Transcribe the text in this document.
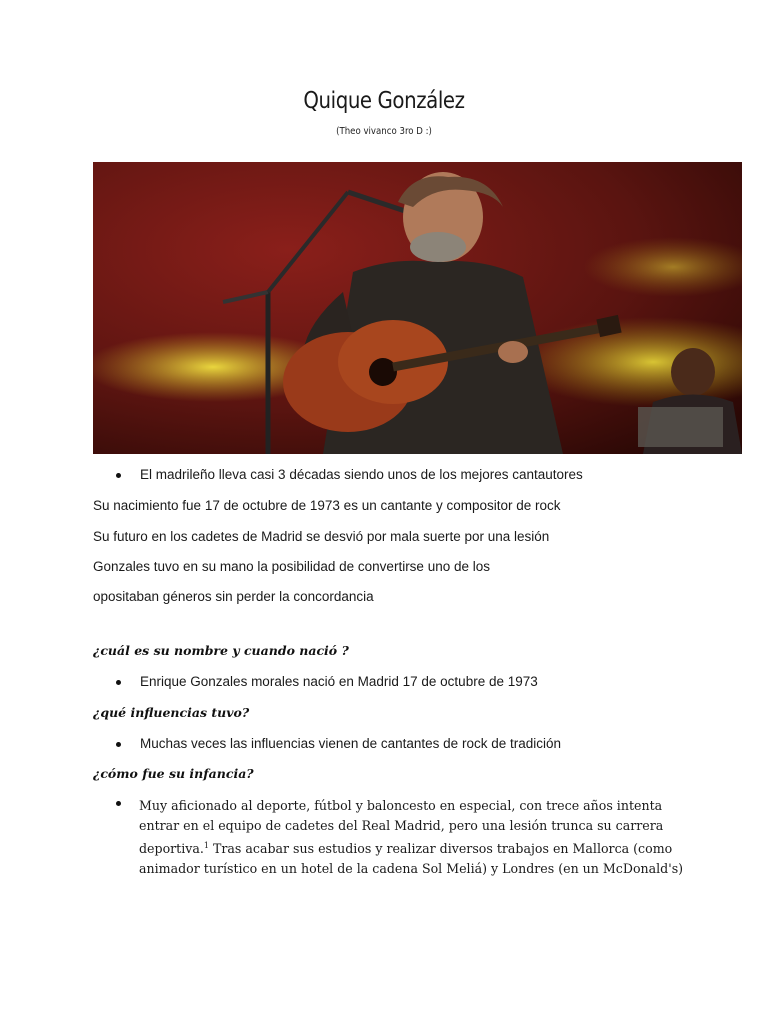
Quique González
(Theo vivanco 3ro D :)
El madrileño lleva casi 3 décadas siendo unos de los mejores cantautores
Su nacimiento fue 17 de octubre de 1973 es un cantante y compositor de rock
Su futuro en los cadetes de Madrid se desvió por mala suerte por una lesión
Gonzales tuvo en su mano la posibilidad de convertirse uno de los
opositaban géneros sin perder la concordancia
¿cuál es su nombre y cuando nació ?
Enrique Gonzales morales nació en Madrid 17 de octubre de 1973
¿qué influencias tuvo?
Muchas veces las influencias vienen de cantantes de rock de tradición
¿cómo fue su infancia?
Muy aficionado al deporte, fútbol y baloncesto en especial, con trece años intenta entrar en el equipo de cadetes del Real Madrid, pero una lesión trunca su carrera deportiva.$^1$ Tras acabar sus estudios y realizar diversos trabajos en Mallorca (como animador turístico en un hotel de la cadena Sol Meliá) y Londres (en un McDonald's)
